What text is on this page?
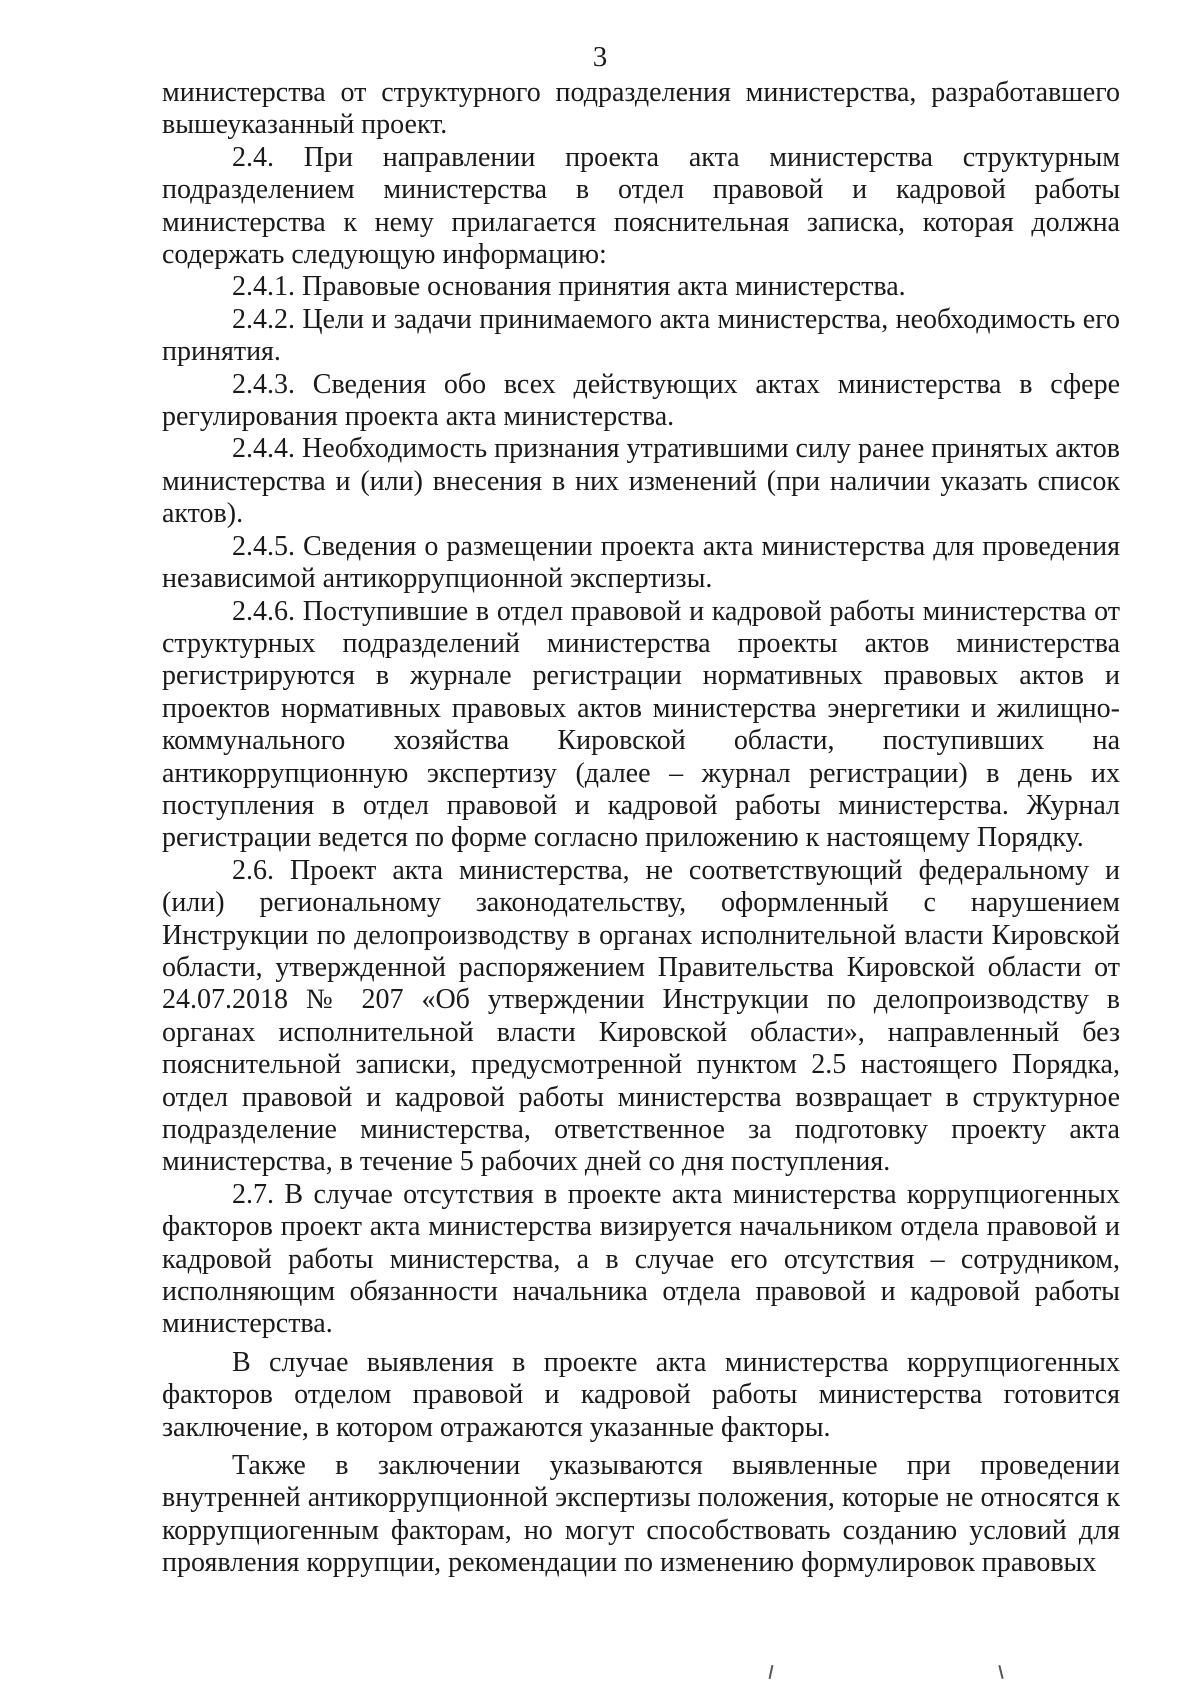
3

министерства от структурного подразделения министерства, разработавшего вышеуказанный проект.

2.4. При направлении проекта акта министерства структурным подразделением министерства в отдел правовой и кадровой работы министерства к нему прилагается пояснительная записка, которая должна содержать следующую информацию:

2.4.1. Правовые основания принятия акта министерства.

2.4.2. Цели и задачи принимаемого акта министерства, необходимость его принятия.

2.4.3. Сведения обо всех действующих актах министерства в сфере регулирования проекта акта министерства.

2.4.4. Необходимость признания утратившими силу ранее принятых актов министерства и (или) внесения в них изменений (при наличии указать список актов).

2.4.5. Сведения о размещении проекта акта министерства для проведения независимой антикоррупционной экспертизы.

2.4.6. Поступившие в отдел правовой и кадровой работы министерства от структурных подразделений министерства проекты актов министерства регистрируются в журнале регистрации нормативных правовых актов и проектов нормативных правовых актов министерства энергетики и жилищно-коммунального хозяйства Кировской области, поступивших на антикоррупционную экспертизу (далее – журнал регистрации) в день их поступления в отдел правовой и кадровой работы министерства. Журнал регистрации ведется по форме согласно приложению к настоящему Порядку.

2.6. Проект акта министерства, не соответствующий федеральному и (или) региональному законодательству, оформленный с нарушением Инструкции по делопроизводству в органах исполнительной власти Кировской области, утвержденной распоряжением Правительства Кировской области от 24.07.2018 № 207 «Об утверждении Инструкции по делопроизводству в органах исполнительной власти Кировской области», направленный без пояснительной записки, предусмотренной пунктом 2.5 настоящего Порядка, отдел правовой и кадровой работы министерства возвращает в структурное подразделение министерства, ответственное за подготовку проекту акта министерства, в течение 5 рабочих дней со дня поступления.

2.7. В случае отсутствия в проекте акта министерства коррупциогенных факторов проект акта министерства визируется начальником отдела правовой и кадровой работы министерства, а в случае его отсутствия – сотрудником, исполняющим обязанности начальника отдела правовой и кадровой работы министерства.

В случае выявления в проекте акта министерства коррупциогенных факторов отделом правовой и кадровой работы министерства готовится заключение, в котором отражаются указанные факторы.

Также в заключении указываются выявленные при проведении внутренней антикоррупционной экспертизы положения, которые не относятся к коррупциогенным факторам, но могут способствовать созданию условий для проявления коррупции, рекомендации по изменению формулировок правовых
